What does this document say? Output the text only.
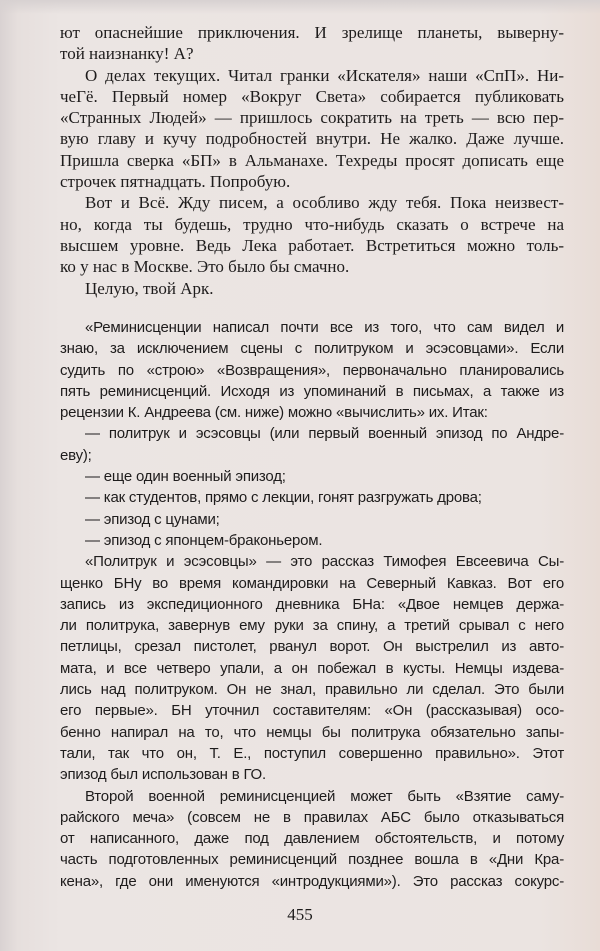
ют опаснейшие приключения. И зрелище планеты, выверну-
той наизнанку! А?
О делах текущих. Читал гранки «Искателя» наши «СпП». Ни-
чеГё. Первый номер «Вокруг Света» собирается публиковать
«Странных Людей» — пришлось сократить на треть — всю пер-
вую главу и кучу подробностей внутри. Не жалко. Даже лучше.
Пришла сверка «БП» в Альманахе. Техреды просят дописать еще
строчек пятнадцать. Попробую.
Вот и Всё. Жду писем, а особливо жду тебя. Пока неизвест-
но, когда ты будешь, трудно что-нибудь сказать о встрече на
высшем уровне. Ведь Лека работает. Встретиться можно толь-
ко у нас в Москве. Это было бы смачно.
Целую, твой Арк.
«Реминисценции написал почти все из того, что сам видел и
знаю, за исключением сцены с политруком и эсэсовцами». Если
судить по «строю» «Возвращения», первоначально планировались
пять реминисценций. Исходя из упоминаний в письмах, а также из
рецензии К. Андреева (см. ниже) можно «вычислить» их. Итак:
— политрук и эсэсовцы (или первый военный эпизод по Андре-
еву);
— еще один военный эпизод;
— как студентов, прямо с лекции, гонят разгружать дрова;
— эпизод с цунами;
— эпизод с японцем-браконьером.
«Политрук и эсэсовцы» — это рассказ Тимофея Евсеевича Сы-
щенко БНу во время командировки на Северный Кавказ. Вот его
запись из экспедиционного дневника БНа: «Двое немцев держа-
ли политрука, завернув ему руки за спину, а третий срывал с него
петлицы, срезал пистолет, рванул ворот. Он выстрелил из авто-
мата, и все четверо упали, а он побежал в кусты. Немцы издева-
лись над политруком. Он не знал, правильно ли сделал. Это были
его первые». БН уточнил составителям: «Он (рассказывая) осо-
бенно напирал на то, что немцы бы политрука обязательно запы-
тали, так что он, Т. Е., поступил совершенно правильно». Этот
эпизод был использован в ГО.
Второй военной реминисценцией может быть «Взятие саму-
райского меча» (совсем не в правилах АБС было отказываться
от написанного, даже под давлением обстоятельств, и потому
часть подготовленных реминисценций позднее вошла в «Дни Кра-
кена», где они именуются «интродукциями»). Это рассказ сокурс-
455
